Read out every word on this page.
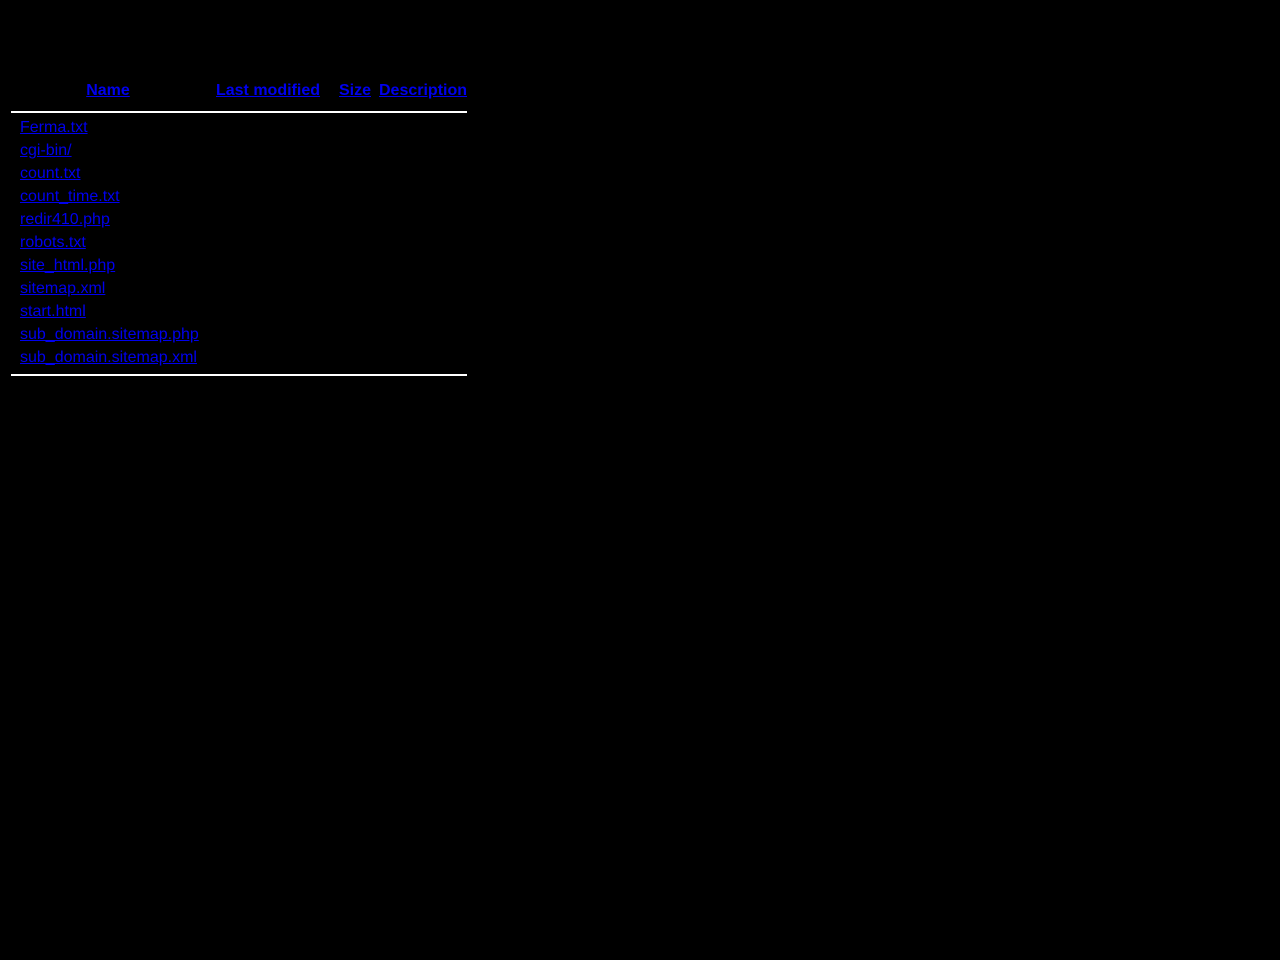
Name	Last modified	Size	Description

Ferma.txt			
cgi-bin/			
count.txt			
count_time.txt			
redir410.php			
robots.txt			
site_html.php			
sitemap.xml			
start.html			
sub_domain.sitemap.php			
sub_domain.sitemap.xml			
